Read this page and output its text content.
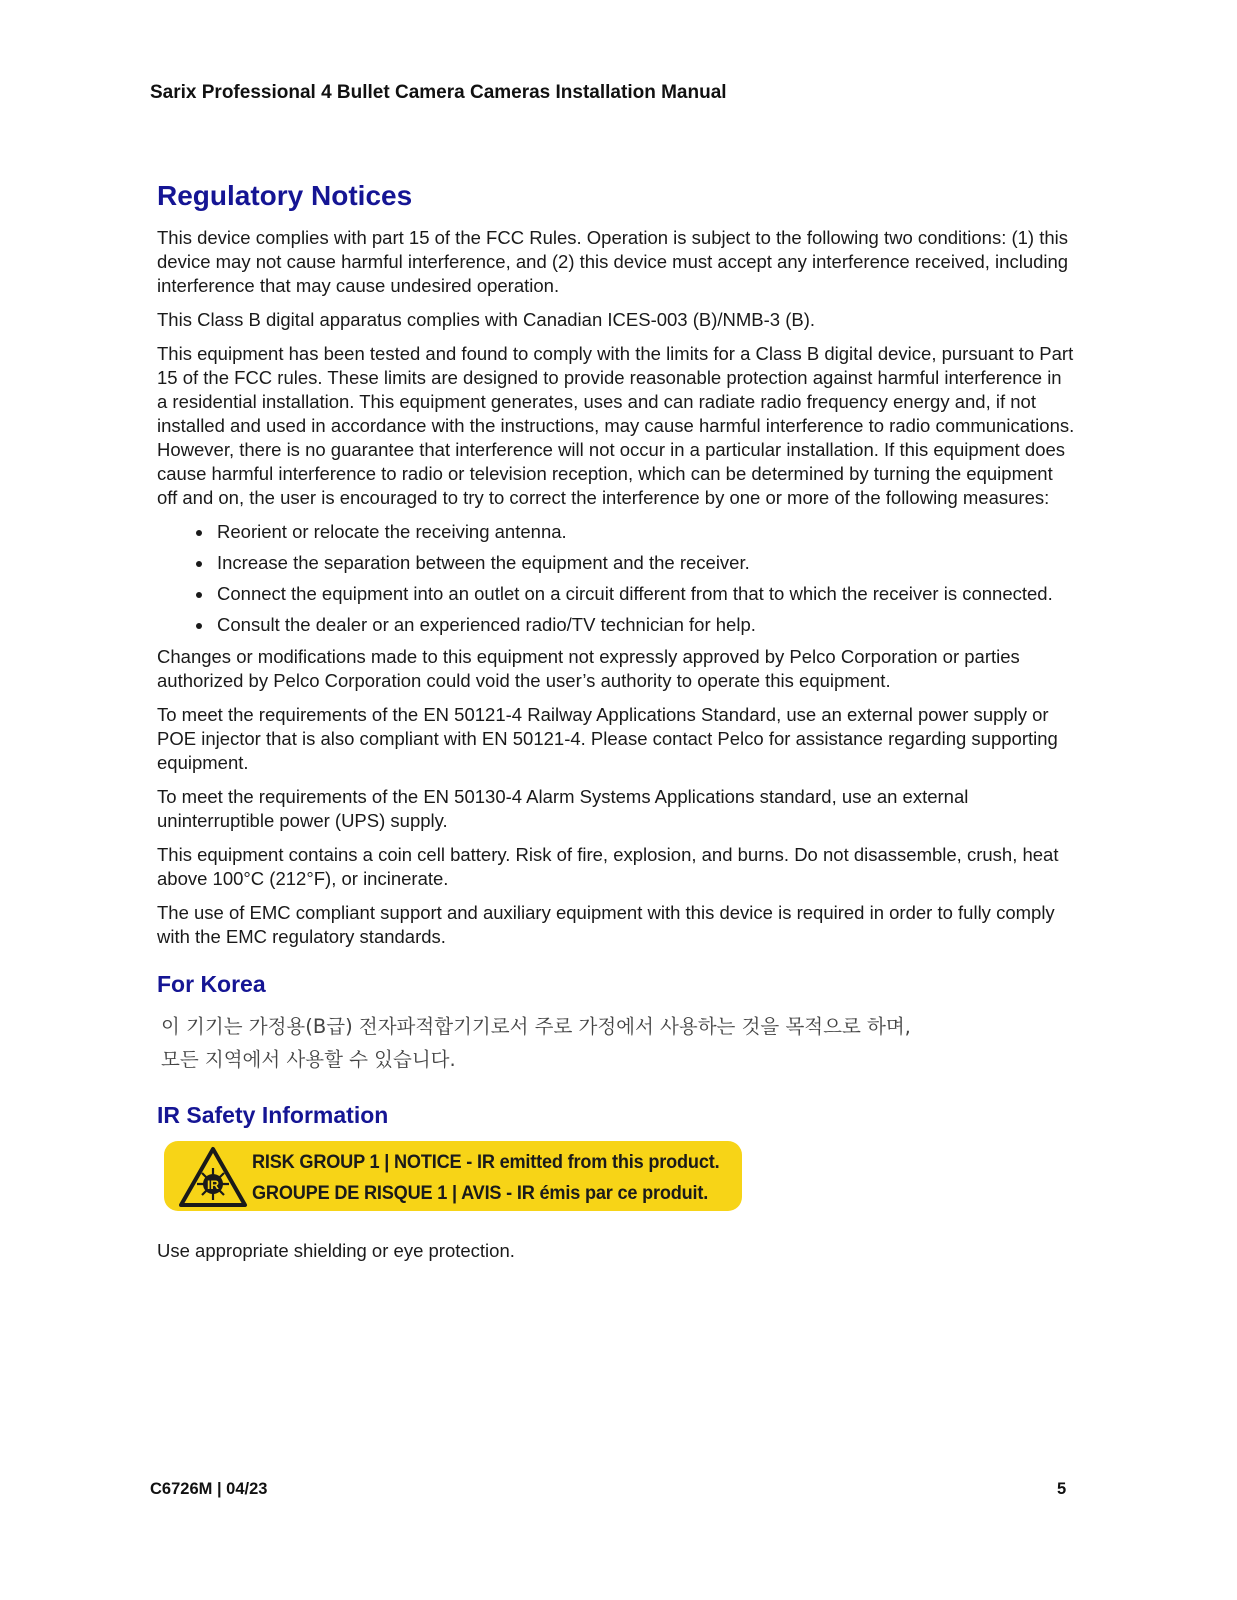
Sarix Professional 4 Bullet Camera Cameras Installation Manual
Regulatory Notices

This device complies with part 15 of the FCC Rules. Operation is subject to the following two conditions: (1) this device may not cause harmful interference, and (2) this device must accept any interference received, including interference that may cause undesired operation.

This Class B digital apparatus complies with Canadian ICES-003 (B)/NMB-3 (B).

This equipment has been tested and found to comply with the limits for a Class B digital device, pursuant to Part 15 of the FCC rules. These limits are designed to provide reasonable protection against harmful interference in a residential installation. This equipment generates, uses and can radiate radio frequency energy and, if not installed and used in accordance with the instructions, may cause harmful interference to radio communications. However, there is no guarantee that interference will not occur in a particular installation. If this equipment does cause harmful interference to radio or television reception, which can be determined by turning the equipment off and on, the user is encouraged to try to correct the interference by one or more of the following measures:

Reorient or relocate the receiving antenna.
Increase the separation between the equipment and the receiver.
Connect the equipment into an outlet on a circuit different from that to which the receiver is connected.
Consult the dealer or an experienced radio/TV technician for help.

Changes or modifications made to this equipment not expressly approved by Pelco Corporation or parties authorized by Pelco Corporation could void the user’s authority to operate this equipment.

To meet the requirements of the EN 50121-4 Railway Applications Standard, use an external power supply or POE injector that is also compliant with EN 50121-4. Please contact Pelco for assistance regarding supporting equipment.

To meet the requirements of the EN 50130-4 Alarm Systems Applications standard, use an external uninterruptible power (UPS) supply.

This equipment contains a coin cell battery. Risk of fire, explosion, and burns. Do not disassemble, crush, heat above 100°C (212°F), or incinerate.

The use of EMC compliant support and auxiliary equipment with this device is required in order to fully comply with the EMC regulatory standards.

For Korea
이 기기는 가정용(B급) 전자파적합기기로서 주로 가정에서 사용하는 것을 목적으로 하며,
모든 지역에서 사용할 수 있습니다.
IR Safety Information
IR
RISK GROUP 1 | NOTICE - IR emitted from this product.
GROUPE DE RISQUE 1 | AVIS - IR émis par ce produit.

Use appropriate shielding or eye protection.

C6726M | 04/23	5
